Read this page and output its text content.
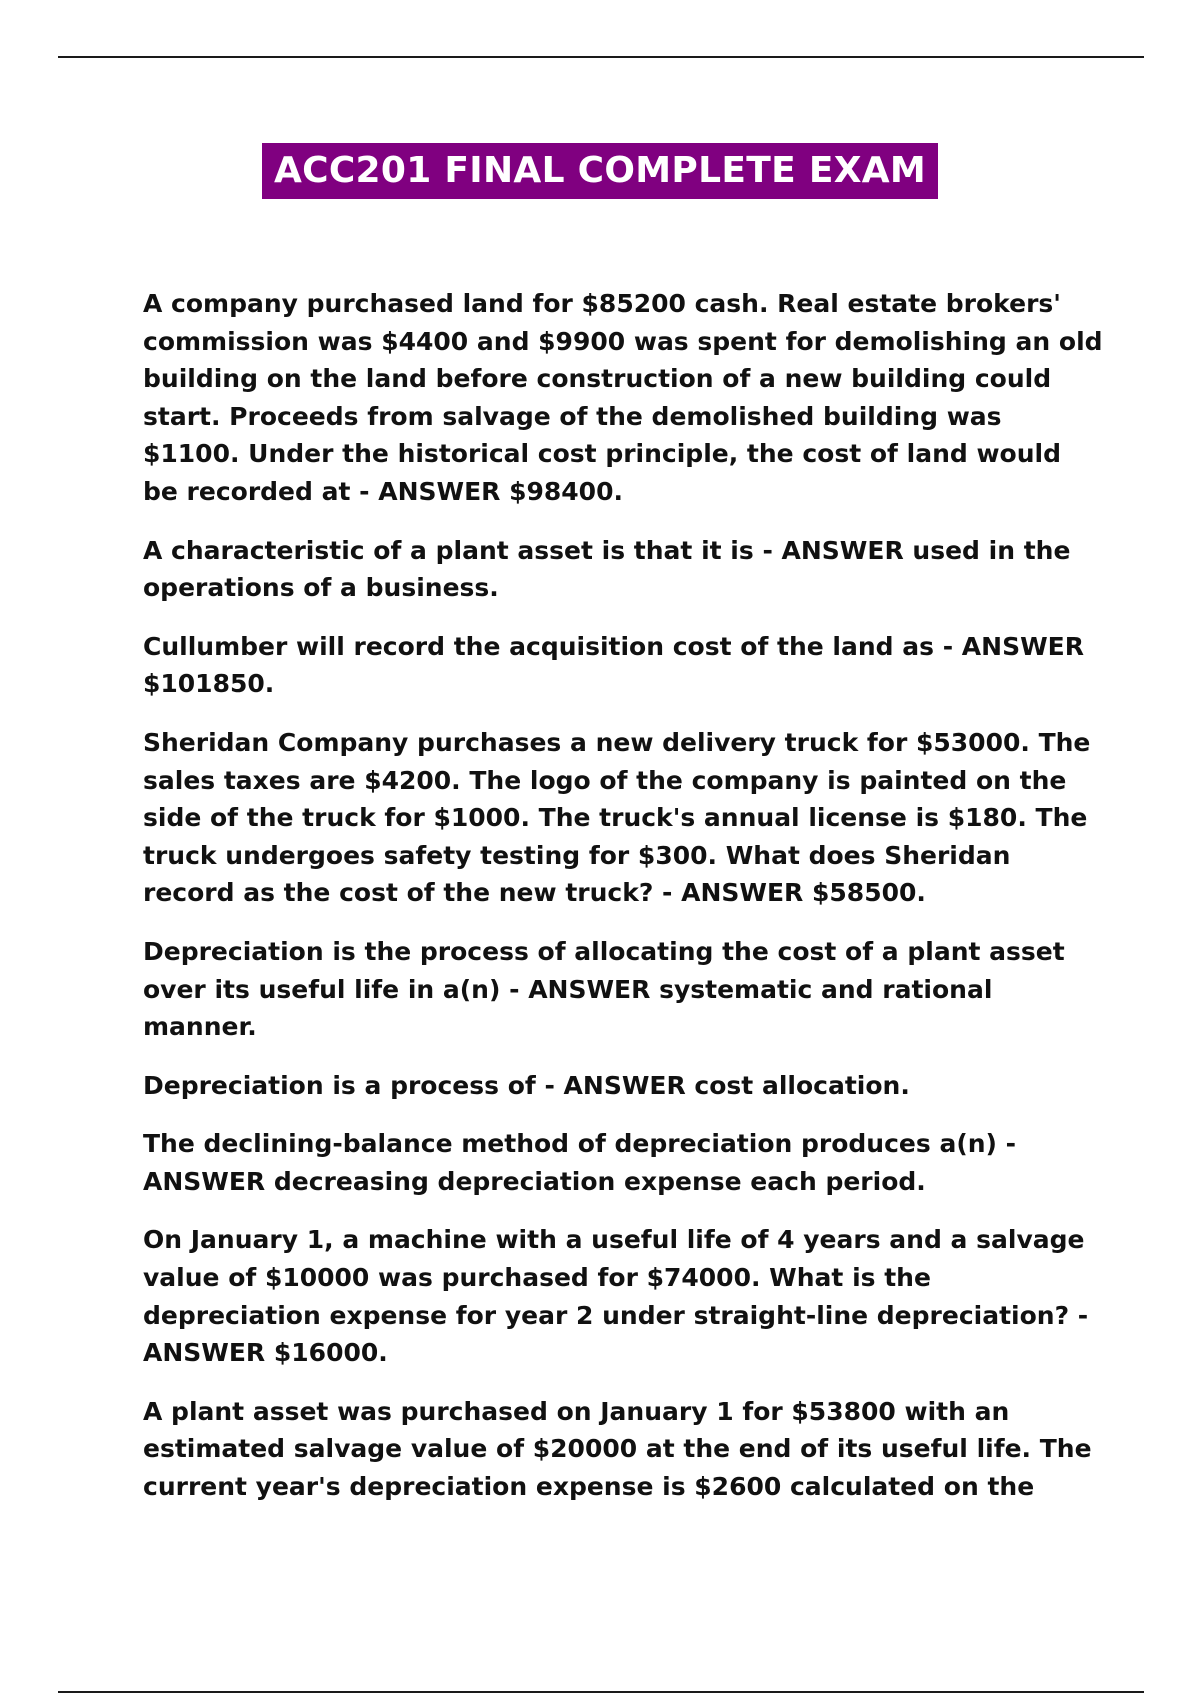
ACC201 FINAL COMPLETE EXAM

A company purchased land for $85200 cash. Real estate brokers' commission was $4400 and $9900 was spent for demolishing an old building on the land before construction of a new building could start. Proceeds from salvage of the demolished building was $1100. Under the historical cost principle, the cost of land would be recorded at - ANSWER $98400.

A characteristic of a plant asset is that it is - ANSWER used in the operations of a business.

Cullumber will record the acquisition cost of the land as - ANSWER $101850.

Sheridan Company purchases a new delivery truck for $53000. The sales taxes are $4200. The logo of the company is painted on the side of the truck for $1000. The truck's annual license is $180. The truck undergoes safety testing for $300. What does Sheridan record as the cost of the new truck? - ANSWER $58500.

Depreciation is the process of allocating the cost of a plant asset over its useful life in a(n) - ANSWER systematic and rational manner.

Depreciation is a process of - ANSWER cost allocation.

The declining-balance method of depreciation produces a(n) - ANSWER decreasing depreciation expense each period.

On January 1, a machine with a useful life of 4 years and a salvage value of $10000 was purchased for $74000. What is the depreciation expense for year 2 under straight-line depreciation? - ANSWER $16000.

A plant asset was purchased on January 1 for $53800 with an estimated salvage value of $20000 at the end of its useful life. The current year's depreciation expense is $2600 calculated on the
